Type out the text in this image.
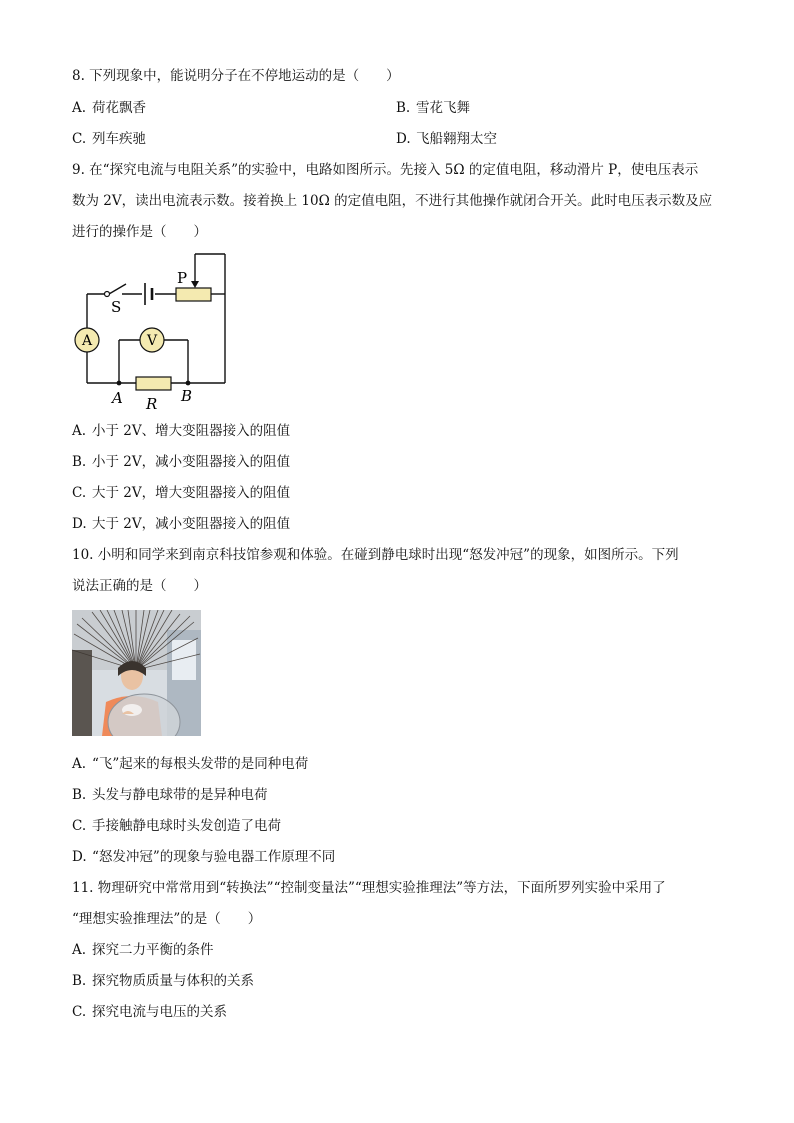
8. 下列现象中，能说明分子在不停地运动的是（　　）
A. 荷花飘香	B. 雪花飞舞
C. 列车疾驰	D. 飞船翱翔太空
9. 在“探究电流与电阻关系”的实验中，电路如图所示。先接入 5Ω 的定值电阻，移动滑片 P，使电压表示
数为 2V，读出电流表示数。接着换上 10Ω 的定值电阻，不进行其他操作就闭合开关。此时电压表示数及应
进行的操作是（　　）
P
S
A	V
A	B
R
A. 小于 2V、增大变阻器接入的阻值
B. 小于 2V，减小变阻器接入的阻值
C. 大于 2V，增大变阻器接入的阻值
D. 大于 2V，减小变阻器接入的阻值
10. 小明和同学来到南京科技馆参观和体验。在碰到静电球时出现“怒发冲冠”的现象，如图所示。下列
说法正确的是（　　）
A. “飞”起来的每根头发带的是同种电荷
B. 头发与静电球带的是异种电荷
C. 手接触静电球时头发创造了电荷
D. “怒发冲冠”的现象与验电器工作原理不同
11. 物理研究中常常用到“转换法”“控制变量法”“理想实验推理法”等方法，下面所罗列实验中采用了
“理想实验推理法”的是（　　）
A. 探究二力平衡的条件
B. 探究物质质量与体积的关系
C. 探究电流与电压的关系
